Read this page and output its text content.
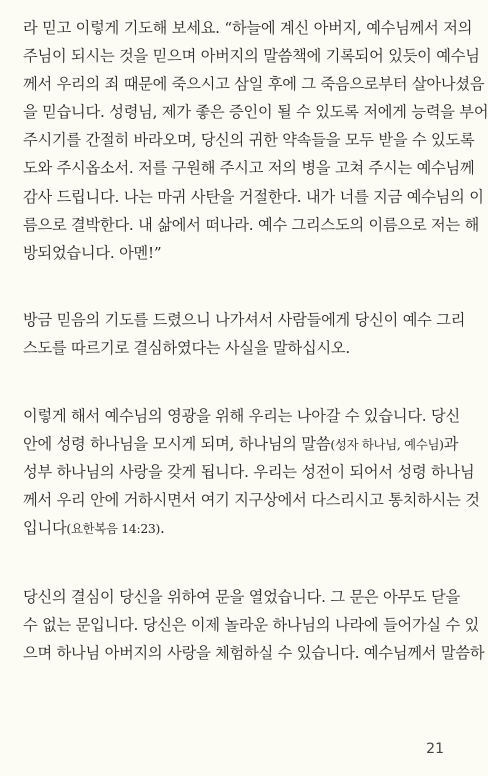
라 믿고 이렇게 기도해 보세요. “하늘에 계신 아버지, 예수님께서 저의
주님이 되시는 것을 믿으며 아버지의 말씀책에 기록되어 있듯이 예수님
께서 우리의 죄 때문에 죽으시고 삼일 후에 그 죽음으로부터 살아나셨음
을 믿습니다. 성령님, 제가 좋은 증인이 될 수 있도록 저에게 능력을 부어
주시기를 간절히 바라오며, 당신의 귀한 약속들을 모두 받을 수 있도록
도와 주시옵소서. 저를 구원해 주시고 저의 병을 고쳐 주시는 예수님께
감사 드립니다. 나는 마귀 사탄을 거절한다. 내가 너를 지금 예수님의 이
름으로 결박한다. 내 삶에서 떠나라. 예수 그리스도의 이름으로 저는 해
방되었습니다. 아멘!”
방금 믿음의 기도를 드렸으니 나가셔서 사람들에게 당신이 예수 그리
스도를 따르기로 결심하였다는 사실을 말하십시오.
이렇게 해서 예수님의 영광을 위해 우리는 나아갈 수 있습니다. 당신
안에 성령 하나님을 모시게 되며, 하나님의 말씀(성자 하나님, 예수님)과
성부 하나님의 사랑을 갖게 됩니다. 우리는 성전이 되어서 성령 하나님
께서 우리 안에 거하시면서 여기 지구상에서 다스리시고 통치하시는 것
입니다(요한복음 14:23).
당신의 결심이 당신을 위하여 문을 열었습니다. 그 문은 아무도 닫을
수 없는 문입니다. 당신은 이제 놀라운 하나님의 나라에 들어가실 수 있
으며 하나님 아버지의 사랑을 체험하실 수 있습니다. 예수님께서 말씀하
21
